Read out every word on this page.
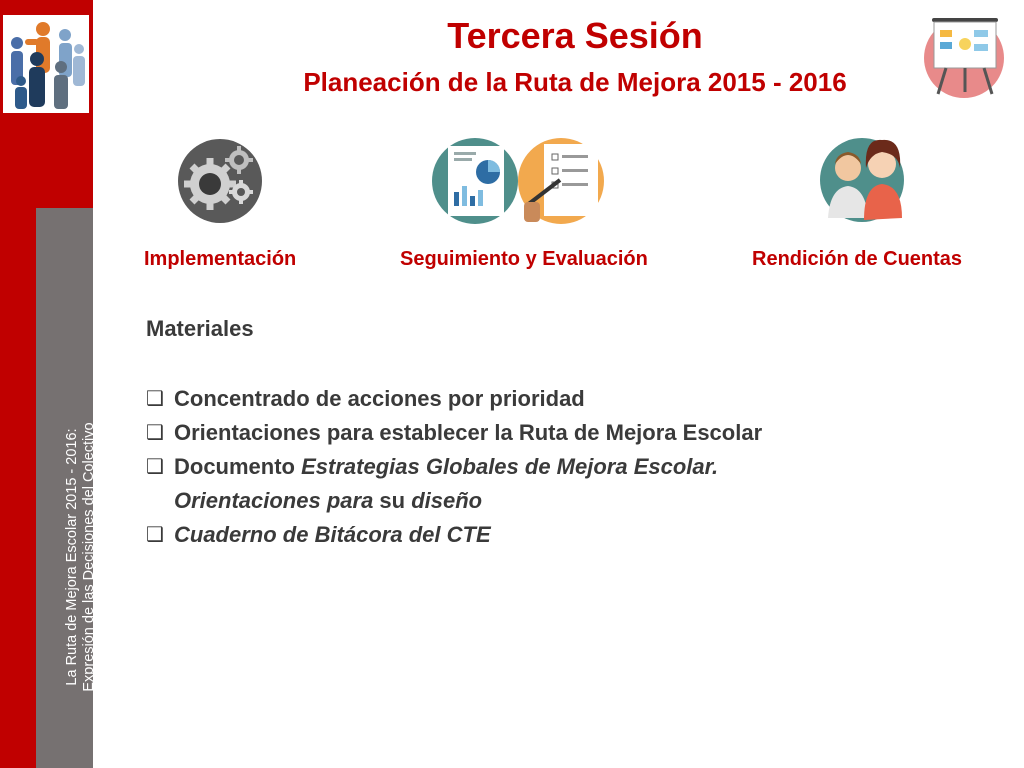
La Ruta de Mejora Escolar 2015 - 2016: Expresión de las Decisiones del Colectivo
Tercera Sesión
Planeación de la Ruta de Mejora 2015 - 2016
Implementación	Seguimiento y Evaluación	Rendición de Cuentas
Materiales
❑ Concentrado de acciones por prioridad
❑ Orientaciones para establecer la Ruta de Mejora Escolar
❑ Documento Estrategias Globales de Mejora Escolar.
Orientaciones para su diseño
❑ Cuaderno de Bitácora del CTE
